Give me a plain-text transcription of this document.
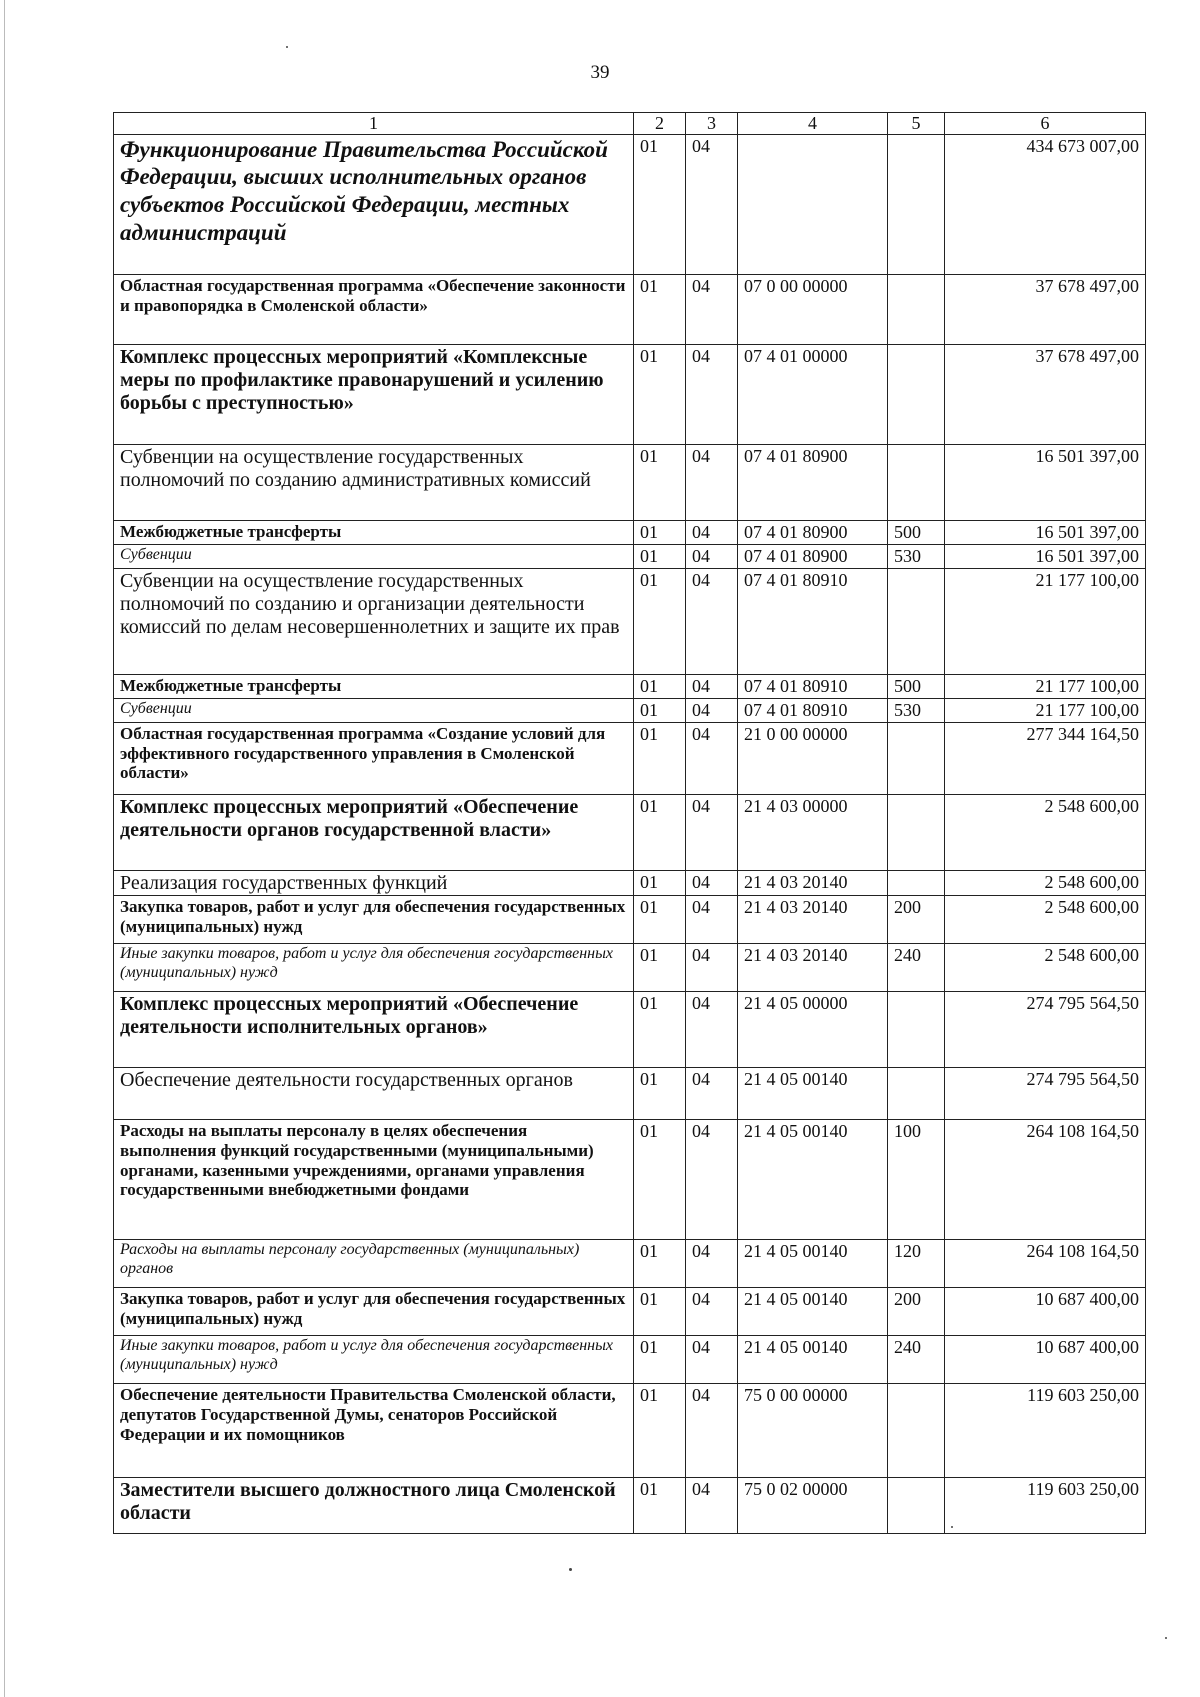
39
1	2	3	4	5	6
Функционирование Правительства Российской Федерации, высших исполнительных органов субъектов Российской Федерации, местных администраций	01	04			434 673 007,00
Областная государственная программа «Обеспечение законности и правопорядка в Смоленской области»	01	04	07 0 00 00000		37 678 497,00
Комплекс процессных мероприятий «Комплексные меры по профилактике правонарушений и усилению борьбы с преступностью»	01	04	07 4 01 00000		37 678 497,00
Субвенции на осуществление государственных полномочий по созданию административных комиссий	01	04	07 4 01 80900		16 501 397,00
Межбюджетные трансферты	01	04	07 4 01 80900	500	16 501 397,00
Субвенции	01	04	07 4 01 80900	530	16 501 397,00
Субвенции на осуществление государственных полномочий по созданию и организации деятельности комиссий по делам несовершеннолетних и защите их прав	01	04	07 4 01 80910		21 177 100,00
Межбюджетные трансферты	01	04	07 4 01 80910	500	21 177 100,00
Субвенции	01	04	07 4 01 80910	530	21 177 100,00
Областная государственная программа «Создание условий для эффективного государственного управления в Смоленской области»	01	04	21 0 00 00000		277 344 164,50
Комплекс процессных мероприятий «Обеспечение деятельности органов государственной власти»	01	04	21 4 03 00000		2 548 600,00
Реализация государственных функций	01	04	21 4 03 20140		2 548 600,00
Закупка товаров, работ и услуг для обеспечения государственных (муниципальных) нужд	01	04	21 4 03 20140	200	2 548 600,00
Иные закупки товаров, работ и услуг для обеспечения государственных (муниципальных) нужд	01	04	21 4 03 20140	240	2 548 600,00
Комплекс процессных мероприятий «Обеспечение деятельности исполнительных органов»	01	04	21 4 05 00000		274 795 564,50
Обеспечение деятельности государственных органов	01	04	21 4 05 00140		274 795 564,50
Расходы на выплаты персоналу в целях обеспечения выполнения функций государственными (муниципальными) органами, казенными учреждениями, органами управления государственными внебюджетными фондами	01	04	21 4 05 00140	100	264 108 164,50
Расходы на выплаты персоналу государственных (муниципальных) органов	01	04	21 4 05 00140	120	264 108 164,50
Закупка товаров, работ и услуг для обеспечения государственных (муниципальных) нужд	01	04	21 4 05 00140	200	10 687 400,00
Иные закупки товаров, работ и услуг для обеспечения государственных (муниципальных) нужд	01	04	21 4 05 00140	240	10 687 400,00
Обеспечение деятельности Правительства Смоленской области, депутатов Государственной Думы, сенаторов Российской Федерации и их помощников	01	04	75 0 00 00000		119 603 250,00
Заместители высшего должностного лица Смоленской области	01	04	75 0 02 00000		119 603 250,00
